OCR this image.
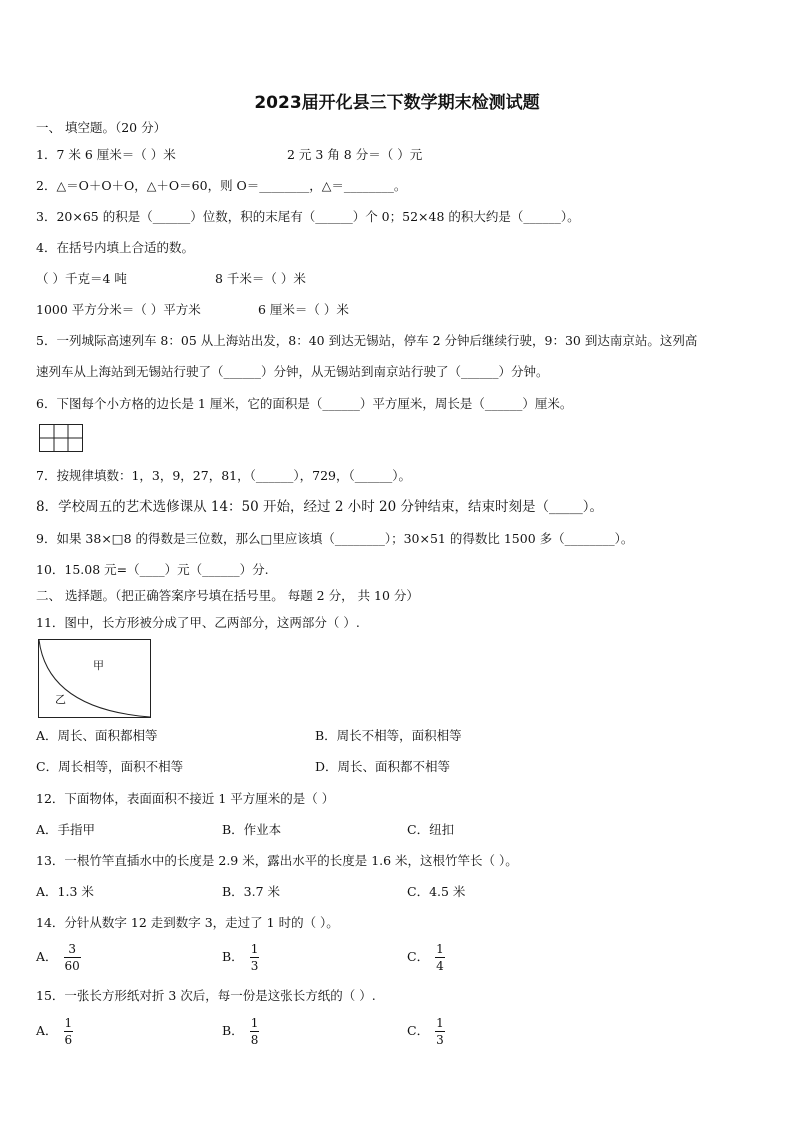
2023届开化县三下数学期末检测试题
一、 填空题。（20 分）
1．7 米 6 厘米＝（ ）米	2 元 3 角 8 分＝（ ）元
2．△＝O＋O＋O，△＋O＝60，则 O＝________，△＝________。
3．20×65 的积是（______）位数，积的末尾有（______）个 0；52×48 的积大约是（______）。
4．在括号内填上合适的数。
（ ）千克＝4 吨	8 千米＝（ ）米
1000 平方分米＝（ ）平方米	6 厘米＝（ ）米
5．一列城际高速列车 8：05 从上海站出发，8：40 到达无锡站，停车 2 分钟后继续行驶，9：30 到达南京站。这列高
速列车从上海站到无锡站行驶了（______）分钟，从无锡站到南京站行驶了（______）分钟。
6．下图每个小方格的边长是 1 厘米，它的面积是（______）平方厘米，周长是（______）厘米。
7．按规律填数：1，3，9，27，81，（______），729，（______）。
8．学校周五的艺术选修课从 14：50 开始，经过 2 小时 20 分钟结束，结束时刻是（_____）。
9．如果 38×□8 的得数是三位数，那么□里应该填（________）；30×51 的得数比 1500 多（________）。
10．15.08 元=（____）元（______）分.
二、 选择题。（把正确答案序号填在括号里。 每题 2 分， 共 10 分）
11．图中，长方形被分成了甲、乙两部分，这两部分（ ）.
甲
乙
A．周长、面积都相等	B．周长不相等，面积相等
C．周长相等，面积不相等	D．周长、面积都不相等
12．下面物体，表面面积不接近 1 平方厘米的是（ ）
A．手指甲	B．作业本	C．纽扣
13．一根竹竿直插水中的长度是 2.9 米，露出水平的长度是 1.6 米，这根竹竿长（ ）。
A．1.3 米	B．3.7 米	C．4.5 米
14．分针从数字 12 走到数字 3，走过了 1 时的（ ）。
A． $\frac{3}{60}$	B． $\frac{1}{3}$	C． $\frac{1}{4}$
15．一张长方形纸对折 3 次后，每一份是这张长方纸的（ ）.
A． $\frac{1}{6}$	B． $\frac{1}{8}$	C． $\frac{1}{3}$
